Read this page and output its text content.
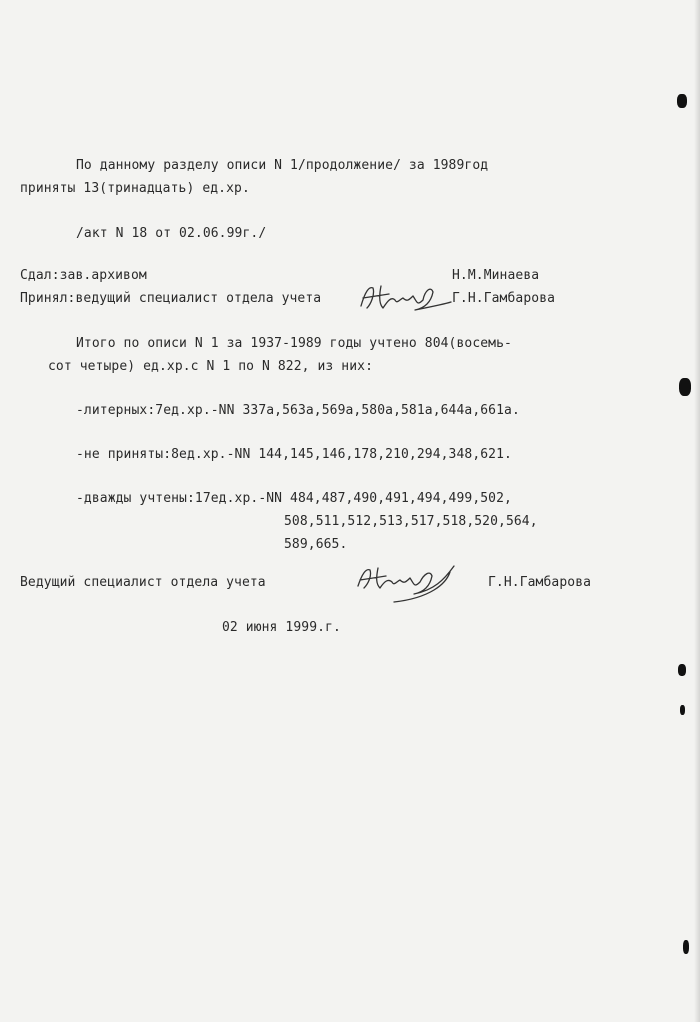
По данному разделу описи N 1/продолжение/ за 1989год
приняты 13(тринадцать) ед.хр.
/акт N 18 от 02.06.99г./
Сдал:зав.архивом	Н.М.Минаева
Принял:ведущий специалист отдела учета	Г.Н.Гамбарова
Итого по описи N 1 за 1937-1989 годы учтено 804(восемь-
сот четыре) ед.хр.с N 1 по N 822, из них:
-литерных:7ед.хр.-NN 337а,563а,569а,580а,581а,644а,661а.
-не приняты:8ед.хр.-NN 144,145,146,178,210,294,348,621.
-дважды учтены:17ед.хр.-NN 484,487,490,491,494,499,502,
508,511,512,513,517,518,520,564,
589,665.
Ведущий специалист отдела учета	Г.Н.Гамбарова
02 июня 1999.г.
